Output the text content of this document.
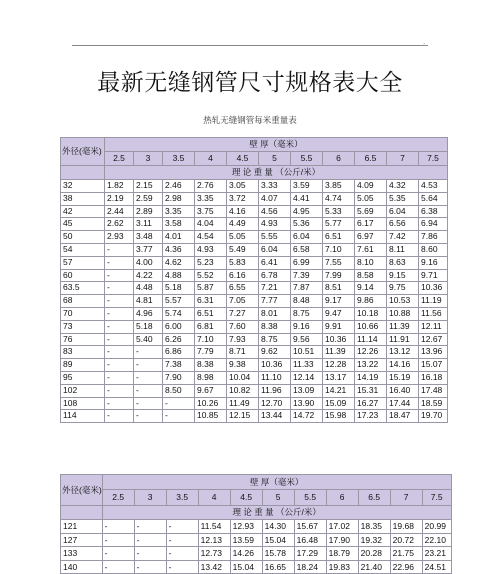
.
最新无缝钢管尺寸规格表大全
热轧无缝钢管每米重量表
外径(毫米)	壁 厚（毫米）										
	2.5	3	3.5	4	4.5	5	5.5	6	6.5	7	7.5
	理 论 重 量 （公斤/米）										
32	1.82	2.15	2.46	2.76	3.05	3.33	3.59	3.85	4.09	4.32	4.53
38	2.19	2.59	2.98	3.35	3.72	4.07	4.41	4.74	5.05	5.35	5.64
42	2.44	2.89	3.35	3.75	4.16	4.56	4.95	5.33	5.69	6.04	6.38
45	2.62	3.11	3.58	4.04	4.49	4.93	5.36	5.77	6.17	6.56	6.94
50	2.93	3.48	4.01	4.54	5.05	5.55	6.04	6.51	6.97	7.42	7.86
54	-	3.77	4.36	4.93	5.49	6.04	6.58	7.10	7.61	8.11	8.60
57	-	4.00	4.62	5.23	5.83	6.41	6.99	7.55	8.10	8.63	9.16
60	-	4.22	4.88	5.52	6.16	6.78	7.39	7.99	8.58	9.15	9.71
63.5	-	4.48	5.18	5.87	6.55	7.21	7.87	8.51	9.14	9.75	10.36
68	-	4.81	5.57	6.31	7.05	7.77	8.48	9.17	9.86	10.53	11.19
70	-	4.96	5.74	6.51	7.27	8.01	8.75	9.47	10.18	10.88	11.56
73	-	5.18	6.00	6.81	7.60	8.38	9.16	9.91	10.66	11.39	12.11
76	-	5.40	6.26	7.10	7.93	8.75	9.56	10.36	11.14	11.91	12.67
83	-	-	6.86	7.79	8.71	9.62	10.51	11.39	12.26	13.12	13.96
89	-	-	7.38	8.38	9.38	10.36	11.33	12.28	13.22	14.16	15.07
95	-	-	7.90	8.98	10.04	11.10	12.14	13.17	14.19	15.19	16.18
102	-	-	8.50	9.67	10.82	11.96	13.09	14.21	15.31	16.40	17.48
108	-	-	-	10.26	11.49	12.70	13.90	15.09	16.27	17.44	18.59
114	-	-	-	10.85	12.15	13.44	14.72	15.98	17.23	18.47	19.70
外径(毫米)	壁 厚（毫米）										
	2.5	3	3.5	4	4.5	5	5.5	6	6.5	7	7.5
	理 论 重 量 （公斤/米）										
121	-	-	-	11.54	12.93	14.30	15.67	17.02	18.35	19.68	20.99
127	-	-	-	12.13	13.59	15.04	16.48	17.90	19.32	20.72	22.10
133	-	-	-	12.73	14.26	15.78	17.29	18.79	20.28	21.75	23.21
140	-	-	-	13.42	15.04	16.65	18.24	19.83	21.40	22.96	24.51
